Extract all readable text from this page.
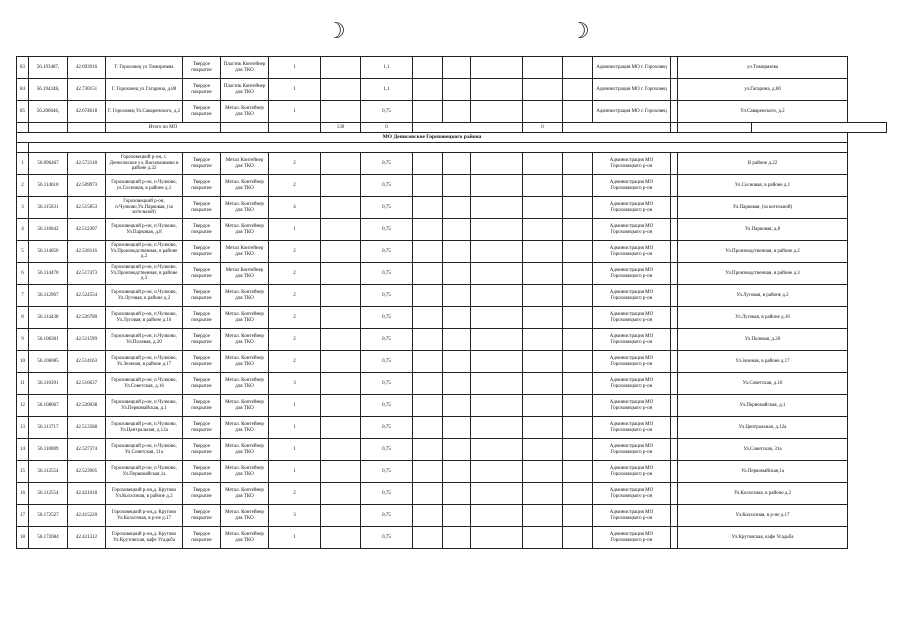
☽	☽
83	56.193487,	42.693916	Г. Гороховец ул Тимирязева	Твердое покрытие	Пластик Контейнер для ТКО	1		1,1						Администрация МО г. Гороховец		ул.Тимирязева	
84	56.194248,	42.730151	Г. Гороховец ул Гагарина, д.80	Твердое покрытие	Пластик Контейнер для ТКО	1		1,1						Администрация МО г. Гороховец		ул.Гагарина, д.80	
85	56.206646,	42.674618	Г. Гороховец Ул.Саваренского, д.2	Твердое покрытие	Метал. Контейнер для ТКО	1		0,75						Администрация МО г. Гороховец		Ул.Саваренского, д.2	
			Итого по МО				130	0				0					
МО Денисовское Гороховецкого района																	

1	56.096467	42.572118	Гороховецкий р-он, с. Денисовское ул. Васильчиково в районе д.22	Твердое покрытие	Метал Контейнер для ТКО	2		0,75						Администрация МО Гороховецкого р-он		В районе д.22	
2	56.114610	42.509973	Гороховецкий р-он, п.Чулково, ул.Сосновая, в районе д.1	Твердое покрытие	Метал. Контейнер для ТКО	2		0,75						Администрация МО Гороховецкого р-он		Ул.Сосновая, в районе д.1	
3	56.115631	42.515853	Гороховецкий р-он, п.Чулково,Ул.Парковая, (за котельной)	Твердое покрытие	Метал. Контейнер для ТКО	4		0,75						Администрация МО Гороховецкого р-он		Ул.Парковая, (за котельной)	
4	56.116042	42.512307	Гороховецкий р-он, п.Чулково, Ул.Парковая, д.8	Твердое покрытие	Метал. Контейнер для ТКО	1		0,75						Администрация МО Гороховецкого р-он		Ул.Парковая, д.8	
5	56.114050	42.518116	Гороховецкий р-он, п.Чулково, Ул.Производственная, в районе д.2	Твердое покрытие	Метал Контейнер для ТКО	2		0,75						Администрация МО Гороховецкого р-он		Ул.Производственная, в районе д.2	
6	56.114470	42.517473	Гороховецкий р-он, п.Чулково, Ул.Производственная, в районе д.3	Твердое покрытие	Метал Контейнер для ТКО	2		0,75						Администрация МО Гороховецкого р-он		Ул.Производственная, в районе д.3	
7	56.112967	42.524554	Гороховецкий р-он, п.Чулково, Ул.Луговая, в районе д.2	Твердое покрытие	Метал. Контейнер для ТКО	2		0,75						Администрация МО Гороховецкого р-он		Ул.Луговая, в районе д.2	
8	56.114438	42.526780	Гороховецкий р-он, п.Чулково, Ул.Луговая, в районе д.16	Твердое покрытие	Метал. Контейнер для ТКО	2		0,75						Администрация МО Гороховецкого р-он		Ул.Луговая, в районе д.16	
9	56.106301	42.511599	Гороховецкий р-он, п.Чулково, Ул.Полевая, д.20	Твердое покрытие	Метал. Контейнер для ТКО	2		0,75						Администрация МО Гороховецкого р-он		Ул.Полевая, д.20	
10	56.106085	42.514163	Гороховецкий р-он, п.Чулково, Ул.Зеленая, в районе д.17	Твердое покрытие	Метал. Контейнер для ТКО	2		0,75						Администрация МО Гороховецкого р-он		Ул.Зеленая, в районе д.17	
11	56.110391	42.516637	Гороховецкий р-он, п.Чулково, Ул.Советская, д.16	Твердое покрытие	Метал. Контейнер для ТКО	3		0,75						Администрация МО Гороховецкого р-он		Ул.Советская, д.16	
12	56.108067	42.520038	Гороховецкий р-он, п.Чулково, Ул.Первомайская, д.1	Твердое покрытие	Метал. Контейнер для ТКО	1		0,75						Администрация МО Гороховецкого р-он		Ул.Первомайская, д.1	
13	56.113717	42.513588	Гороховецкий р-он, п.Чулково, Ул.Центральная, д.12а	Твердое покрытие	Метал. Контейнер для ТКО	1		0,75						Администрация МО Гороховецкого р-он		Ул.Центральная, д.12а	
14	56.110009	42.527374	Гороховецкий р-он, п.Чулково, Ул.Советская, 31а	Твердое покрытие	Метал. Контейнер для ТКО	1		0,75						Администрация МО Гороховецкого р-он		Ул.Советская, 31а	
15	56.112554	42.523905	Гороховецкий р-он, п.Чулково, Ул.Первомайская,1а	Твердое покрытие	Метал. Контейнер для ТКО	1		0,75						Администрация МО Гороховецкого р-он		Ул.Первомайская,1а	
16	56.112554	42.421018	Гороховецкий р-он,д. Крутово Ул.Колхозная, в районе д.2	Твердое покрытие	Метал. Контейнер для ТКО	2		0,75						Администрация МО Гороховецкого р-он		Ул.Колхозная, в районе д.2	
17	56.172527	42.415220	Гороховецкий р-он,д. Крутово Ул.Колхозная, в р-не д.17	Твердое покрытие	Метал. Контейнер для ТКО	3		0,75						Администрация МО Гороховецкого р-он		Ул.Колхозная, в р-не д.17	
18	56.172684	42.421312	Гороховецкий р-он,д. Крутово Ул.Крутовская, кафе Усадьба	Твердое покрытие	Метал. Контейнер для ТКО	1		0,75						Администрация МО Гороховецкого р-он		Ул.Крутовская, кафе Усадьба	
